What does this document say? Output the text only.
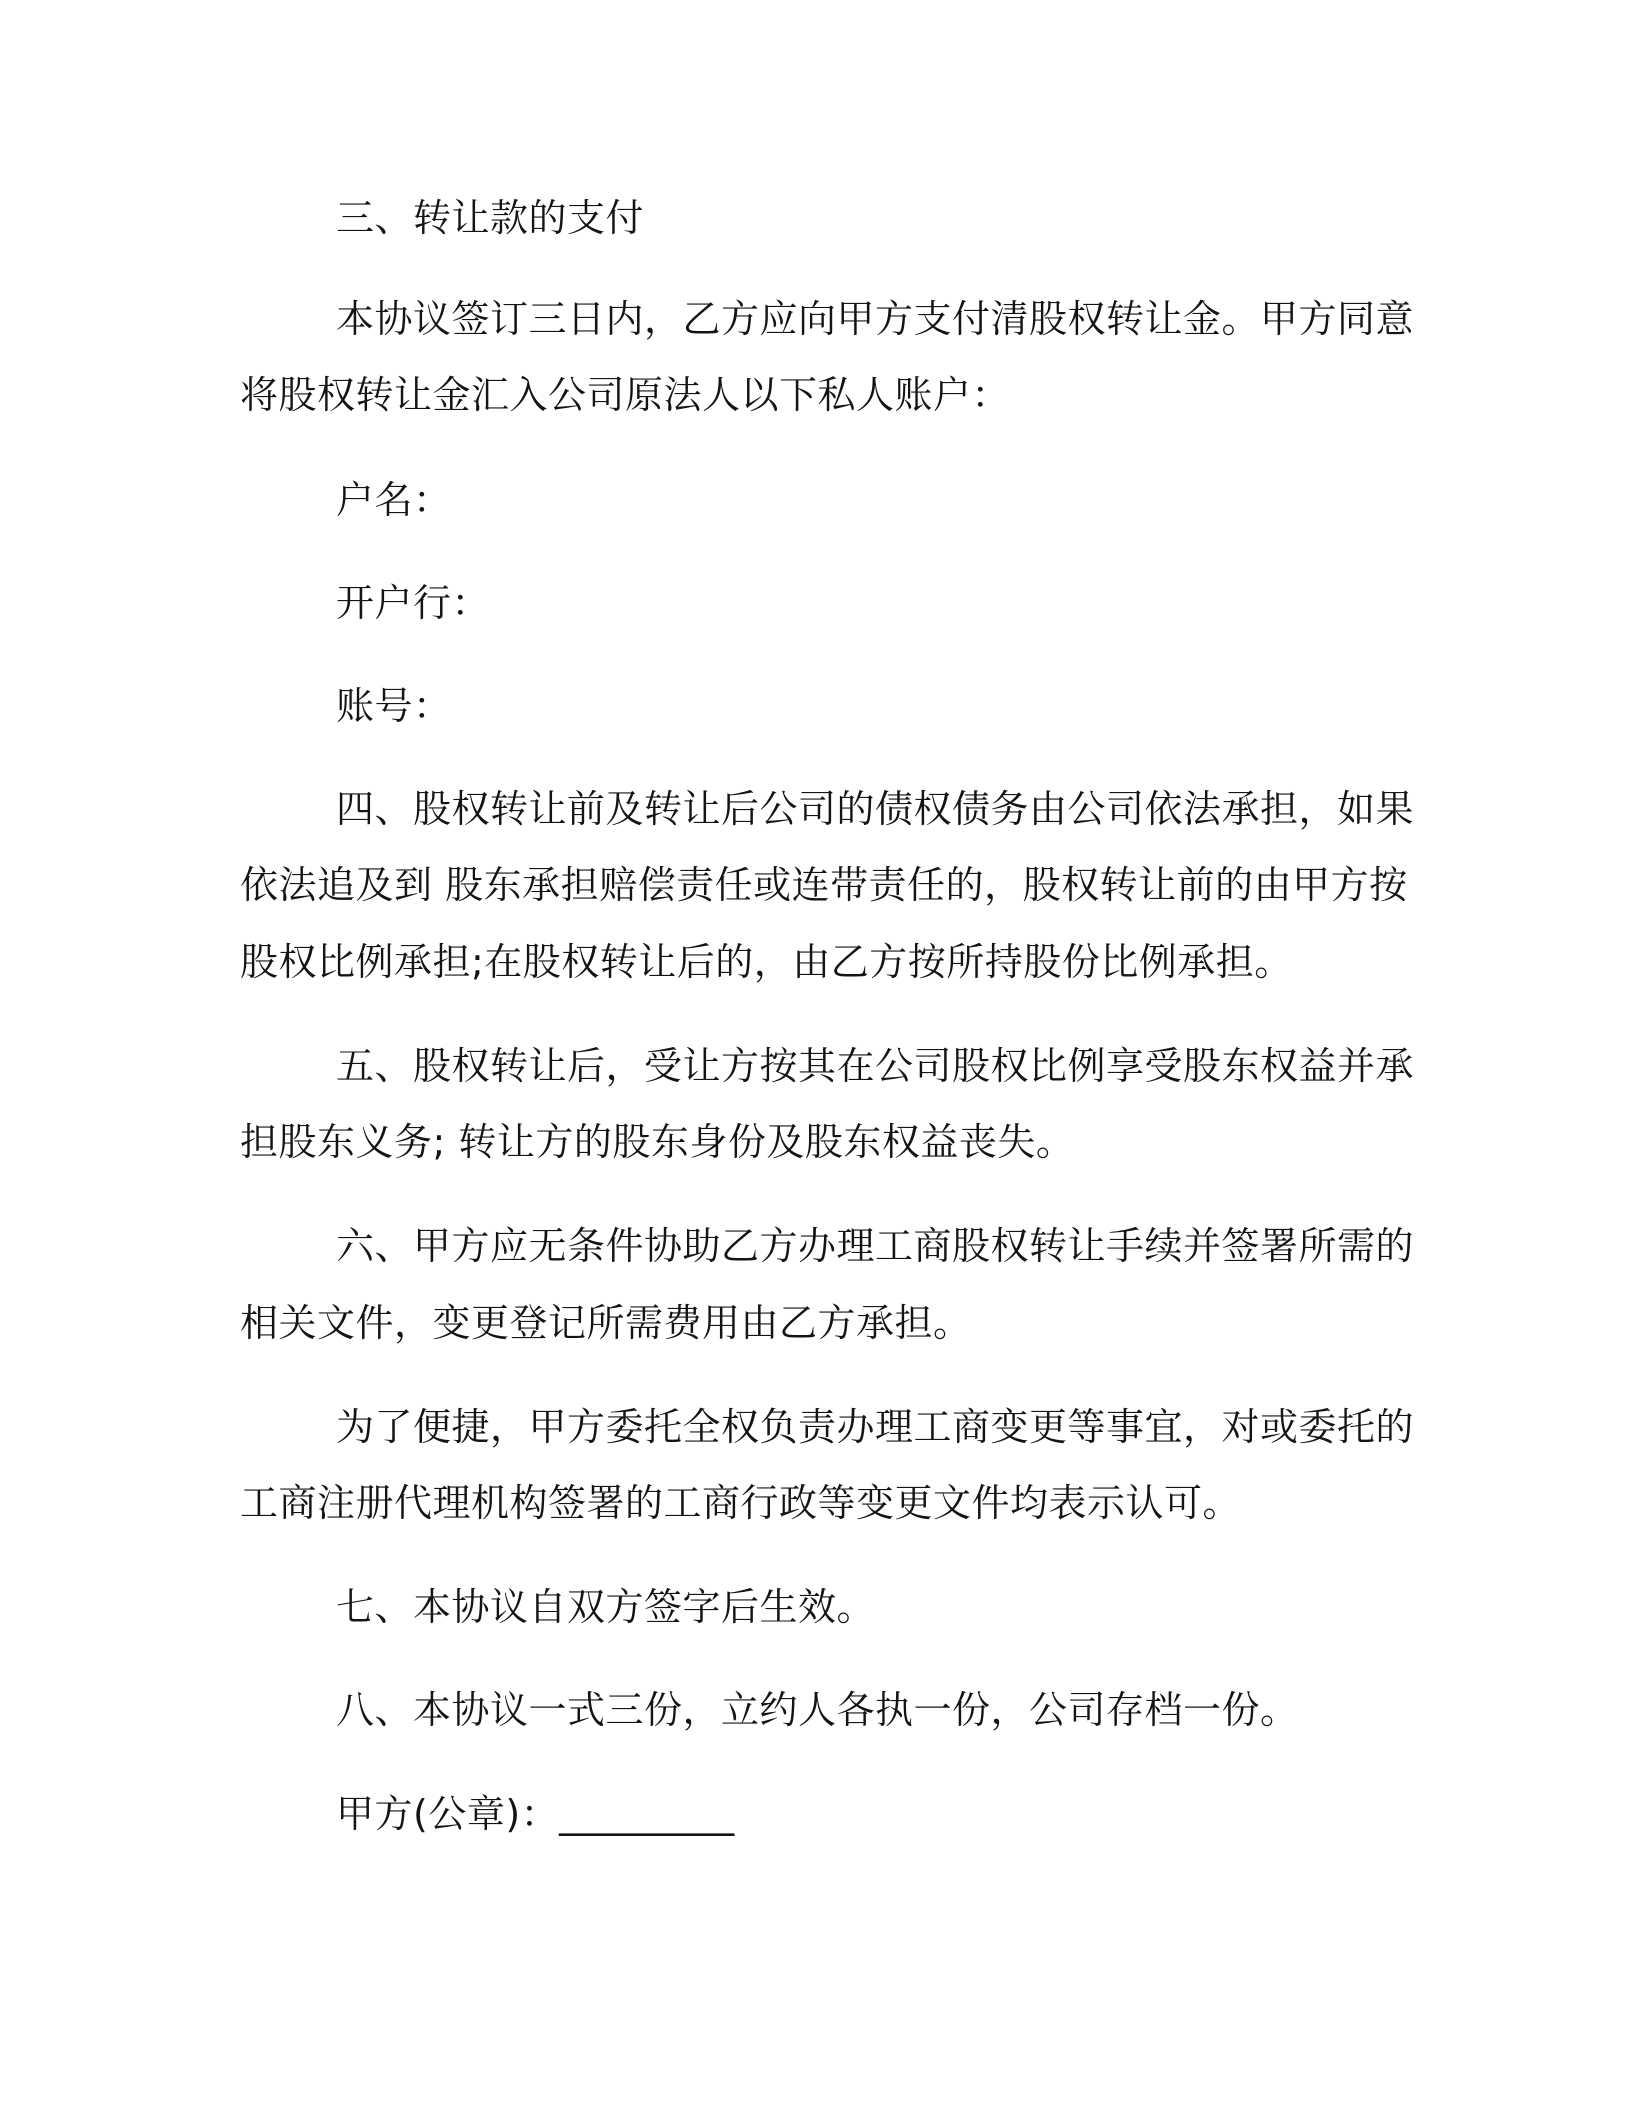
三、转让款的支付

本协议签订三日内，乙方应向甲方支付清股权转让金。甲方同意

将股权转让金汇入公司原法人以下私人账户：

户名：

开户行：

账号：

四、股权转让前及转让后公司的债权债务由公司依法承担，如果

依法追及到 股东承担赔偿责任或连带责任的，股权转让前的由甲方按

股权比例承担;在股权转让后的，由乙方按所持股份比例承担。

五、股权转让后，受让方按其在公司股权比例享受股东权益并承

担股东义务; 转让方的股东身份及股东权益丧失。

六、甲方应无条件协助乙方办理工商股权转让手续并签署所需的

相关文件，变更登记所需费用由乙方承担。

为了便捷，甲方委托全权负责办理工商变更等事宜，对或委托的

工商注册代理机构签署的工商行政等变更文件均表示认可。

七、本协议自双方签字后生效。

八、本协议一式三份，立约人各执一份，公司存档一份。

甲方(公章)：_________
